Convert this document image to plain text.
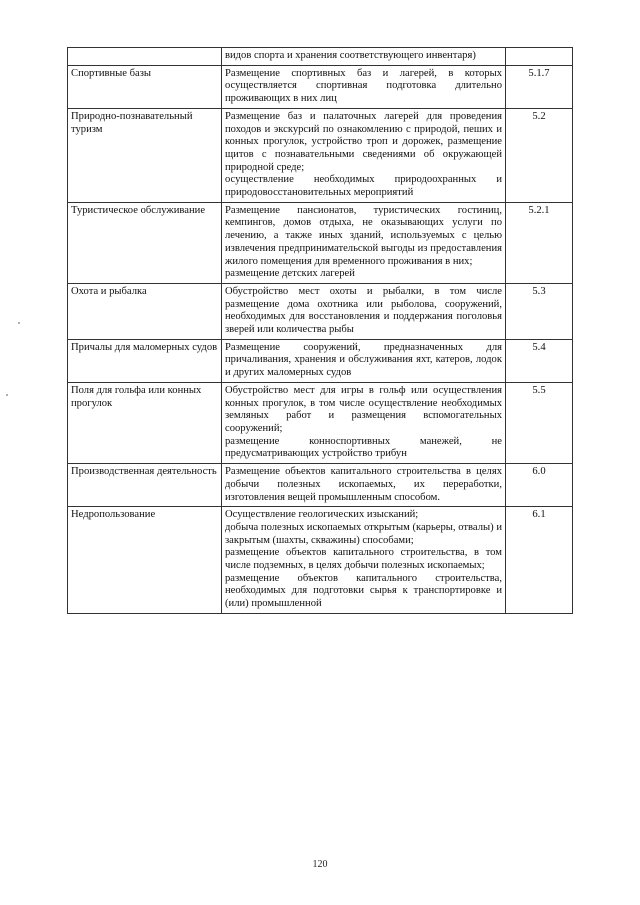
	видов спорта и хранения соответствующего инвентаря)	

Спортивные базы	Размещение спортивных баз и лагерей, в которых осуществляется спортивная подготовка длительно проживающих в них лиц	5.1.7
Природно-познавательный туризм	Размещение баз и палаточных лагерей для проведения походов и экскурсий по ознакомлению с природой, пеших и конных прогулок, устройство троп и дорожек, размещение щитов с познавательными сведениями об окружающей природной среде;
осуществление необходимых природоохранных и природовосстановительных мероприятий	5.2
Туристическое обслуживание	Размещение пансионатов, туристических гостиниц, кемпингов, домов отдыха, не оказывающих услуги по лечению, а также иных зданий, используемых с целью извлечения предпринимательской выгоды из предоставления жилого помещения для временного проживания в них;
размещение детских лагерей	5.2.1
Охота и рыбалка	Обустройство мест охоты и рыбалки, в том числе размещение дома охотника или рыболова, сооружений, необходимых для восстановления и поддержания поголовья зверей или количества рыбы	5.3
Причалы для маломерных судов	Размещение сооружений, предназначенных для причаливания, хранения и обслуживания яхт, катеров, лодок и других маломерных судов	5.4
Поля для гольфа или конных прогулок	Обустройство мест для игры в гольф или осуществления конных прогулок, в том числе осуществление необходимых земляных работ и размещения вспомогательных сооружений;
размещение конноспортивных манежей, не предусматривающих устройство трибун	5.5
Производственная деятельность	Размещение объектов капитального строительства в целях добычи полезных ископаемых, их переработки, изготовления вещей промышленным способом.	6.0
Недропользование	Осуществление геологических изысканий;
добыча полезных ископаемых открытым (карьеры, отвалы) и закрытым (шахты, скважины) способами;
размещение объектов капитального строительства, в том числе подземных, в целях добычи полезных ископаемых;
размещение объектов капитального строительства, необходимых для подготовки сырья к транспортировке и (или) промышленной	6.1
120
